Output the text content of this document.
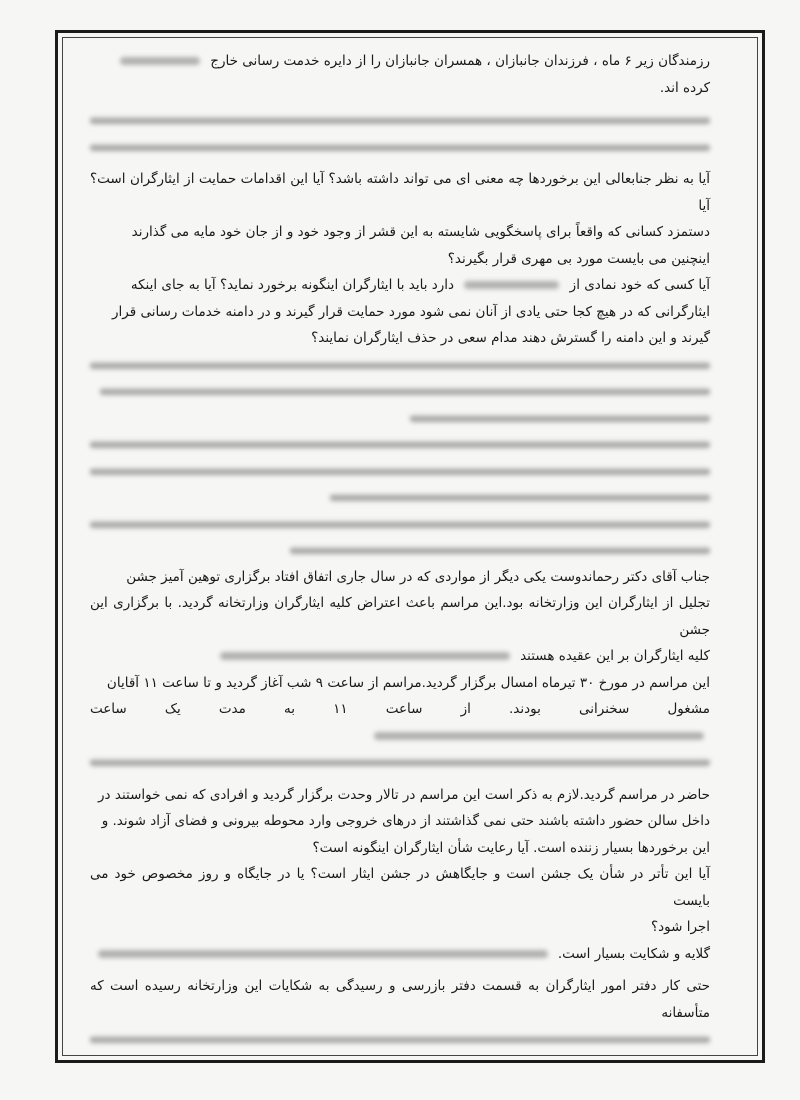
رزمندگان زیر ۶ ماه ، فرزندان جانبازان ، همسران جانبازان را از دایره خدمت رسانی خارج

کرده اند.

آیا به نظر جنابعالی این برخوردها چه معنی ای می تواند داشته باشد؟ آیا این اقدامات حمایت از ایثارگران است؟ آیا

دستمزد کسانی که واقعاً برای پاسخگویی شایسته به این قشر از وجود خود و از جان خود مایه می گذارند

اینچنین می بایست مورد بی مهری قرار بگیرند؟

آیا کسی که خود نمادی از  دارد باید با ایثارگران اینگونه برخورد نماید؟ آیا به جای اینکه

ایثارگرانی که در هیچ کجا حتی یادی از آنان نمی شود مورد حمایت قرار گیرند و در دامنه خدمات رسانی قرار

گیرند و این دامنه را گسترش دهند مدام سعی در حذف ایثارگران نمایند؟

جناب آقای دکتر رحماندوست یکی دیگر از مواردی که در سال جاری اتفاق افتاد برگزاری توهین آمیز جشن

تجلیل از ایثارگران این وزارتخانه بود.این مراسم باعث اعتراض کلیه ایثارگران وزارتخانه گردید. با برگزاری این جشن

کلیه ایثارگران بر این عقیده هستند

این مراسم در مورخ ۳۰ تیرماه امسال برگزار گردید.مراسم از ساعت ۹ شب آغاز گردید و تا ساعت ۱۱ آقایان

مشغول سخنرانی بودند. از ساعت ۱۱ به مدت یک ساعت

حاضر در مراسم گردید.لازم به ذکر است این مراسم در تالار وحدت برگزار گردید و افرادی که نمی خواستند در

داخل سالن حضور داشته باشند حتی نمی گذاشتند از درهای خروجی وارد محوطه بیرونی و فضای آزاد شوند. و

این برخوردها بسیار زننده است. آیا رعایت شأن ایثارگران اینگونه است؟

آیا این تأتر در شأن یک جشن است و جایگاهش در جشن ایثار است؟ یا در جایگاه و روز مخصوص خود می بایست

اجرا شود؟

گلایه و شکایت بسیار است.

حتی کار دفتر امور ایثارگران به قسمت دفتر بازرسی و رسیدگی به شکایات این وزارتخانه رسیده است که متأسفانه
